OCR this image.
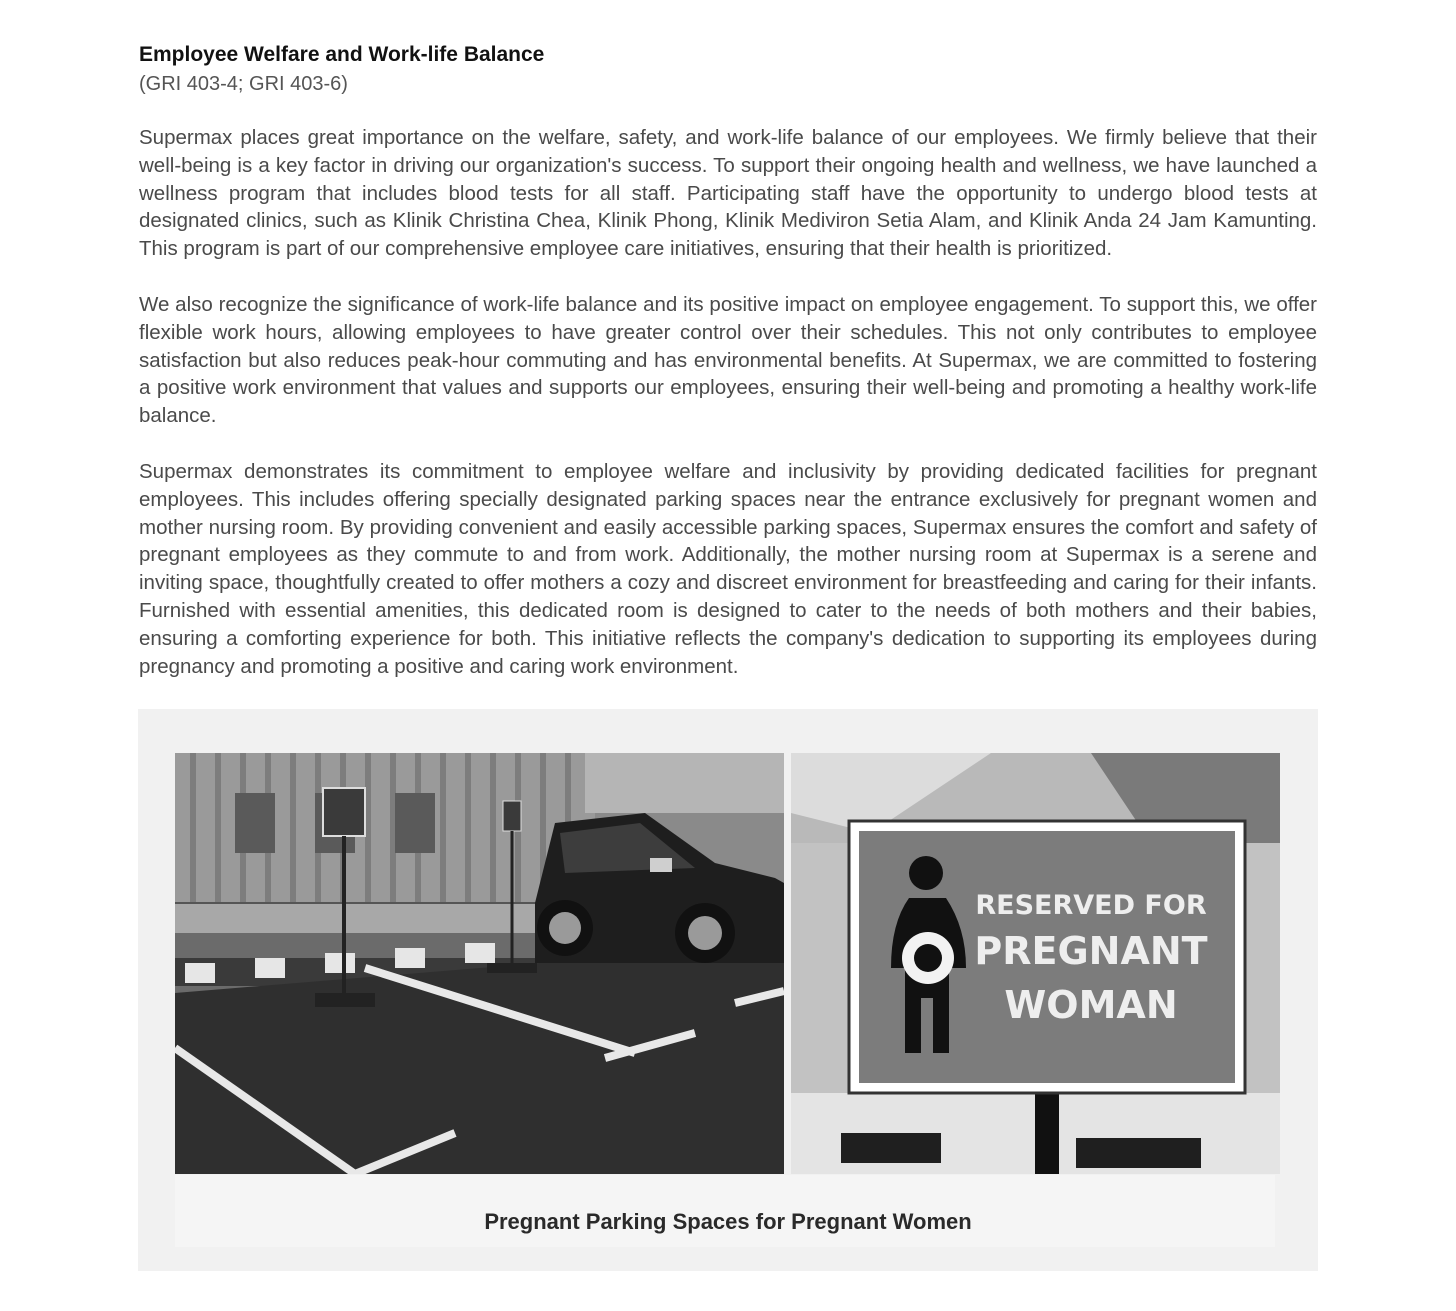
Employee Welfare and Work-life Balance
(GRI 403-4; GRI 403-6)

Supermax places great importance on the welfare, safety, and work-life balance of our employees. We firmly believe that their well-being is a key factor in driving our organization's success. To support their ongoing health and wellness, we have launched a wellness program that includes blood tests for all staff. Participating staff have the opportunity to undergo blood tests at designated clinics, such as Klinik Christina Chea, Klinik Phong, Klinik Mediviron Setia Alam, and Klinik Anda 24 Jam Kamunting. This program is part of our comprehensive employee care initiatives, ensuring that their health is prioritized.

We also recognize the significance of work-life balance and its positive impact on employee engagement. To support this, we offer flexible work hours, allowing employees to have greater control over their schedules. This not only contributes to employee satisfaction but also reduces peak-hour commuting and has environmental benefits. At Supermax, we are committed to fostering a positive work environment that values and supports our employees, ensuring their well-being and promoting a healthy work-life balance.

Supermax demonstrates its commitment to employee welfare and inclusivity by providing dedicated facilities for pregnant employees. This includes offering specially designated parking spaces near the entrance exclusively for pregnant women and mother nursing room. By providing convenient and easily accessible parking spaces, Supermax ensures the comfort and safety of pregnant employees as they commute to and from work. Additionally, the mother nursing room at Supermax is a serene and inviting space, thoughtfully created to offer mothers a cozy and discreet environment for breastfeeding and caring for their infants. Furnished with essential amenities, this dedicated room is designed to cater to the needs of both mothers and their babies, ensuring a comforting experience for both. This initiative reflects the company's dedication to supporting its employees during pregnancy and promoting a positive and caring work environment.

RESERVED FOR
PREGNANT
WOMAN
Pregnant Parking Spaces for Pregnant Women
